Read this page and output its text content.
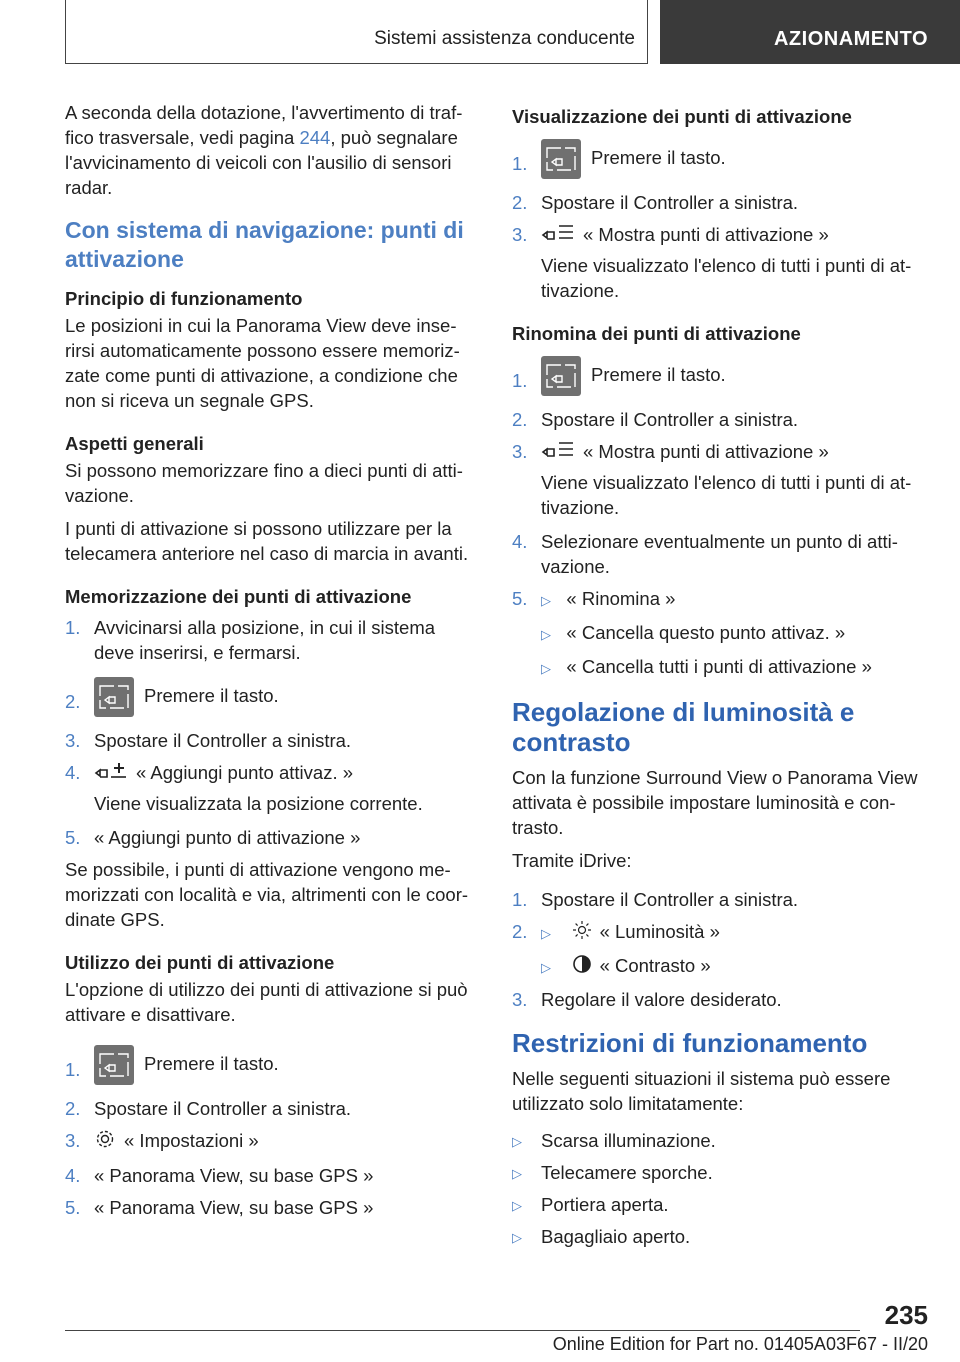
Sistemi assistenza conducente	AZIONAMENTO

A seconda della dotazione, l'avvertimento di traffico trasversale, vedi pagina 244, può segnalare l'avvicinamento di veicoli con l'ausilio di sensori radar.

Con sistema di navigazione: punti di attivazione
Principio di funzionamento

Le posizioni in cui la Panorama View deve inserirsi automaticamente possono essere memorizzate come punti di attivazione, a condizione che non si riceva un segnale GPS.

Aspetti generali

Si possono memorizzare fino a dieci punti di attivazione.

I punti di attivazione si possono utilizzare per la telecamera anteriore nel caso di marcia in avanti.

Memorizzazione dei punti di attivazione
1. Avvicinarsi alla posizione, in cui il sistema deve inserirsi, e fermarsi.
2.	Premere il tasto.
3. Spostare il Controller a sinistra.
4.	« Aggiungi punto attivaz. »
Viene visualizzata la posizione corrente.
5. « Aggiungi punto di attivazione »

Se possibile, i punti di attivazione vengono memorizzati con località e via, altrimenti con le coordinate GPS.

Utilizzo dei punti di attivazione

L'opzione di utilizzo dei punti di attivazione si può attivare e disattivare.

1.	Premere il tasto.
2. Spostare il Controller a sinistra.
3. « Impostazioni »
4. « Panorama View, su base GPS »
5. « Panorama View, su base GPS »
Visualizzazione dei punti di attivazione
1.	Premere il tasto.
2. Spostare il Controller a sinistra.
3.	« Mostra punti di attivazione »
Viene visualizzato l'elenco di tutti i punti di attivazione.
Rinomina dei punti di attivazione
1.	Premere il tasto.
2. Spostare il Controller a sinistra.
3.	« Mostra punti di attivazione »
Viene visualizzato l'elenco di tutti i punti di attivazione.
4. Selezionare eventualmente un punto di attivazione.
5. ▷ « Rinomina »
▷ « Cancella questo punto attivaz. »
▷ « Cancella tutti i punti di attivazione »
Regolazione di luminosità e contrasto

Con la funzione Surround View o Panorama View attivata è possibile impostare luminosità e contrasto.

Tramite iDrive:

1. Spostare il Controller a sinistra.
2. ▷	« Luminosità »
▷	« Contrasto »
3. Regolare il valore desiderato.
Restrizioni di funzionamento

Nelle seguenti situazioni il sistema può essere utilizzato solo limitatamente:

▷ Scarsa illuminazione.
▷ Telecamere sporche.
▷ Portiera aperta.
▷ Bagagliaio aperto.
235
Online Edition for Part no. 01405A03F67 - II/20
